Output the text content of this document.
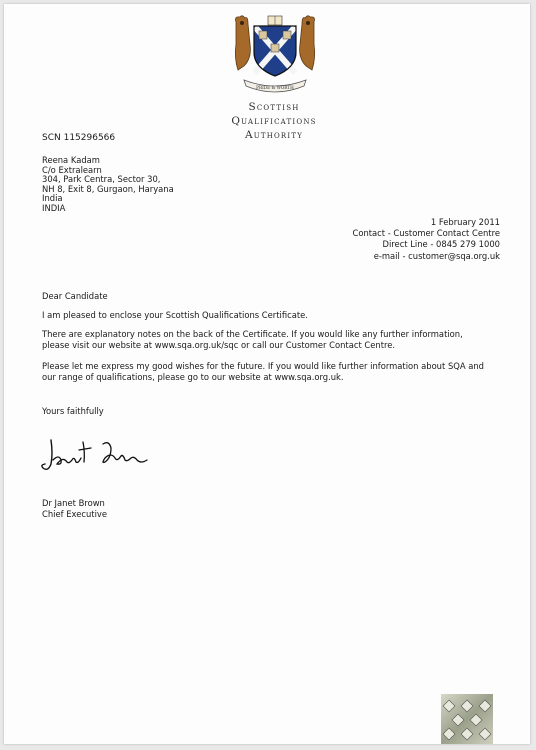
PRIDE & WORTH
Scottish
Qualifications
Authority
SCN 115296566
Reena Kadam
C/o Extralearn
304, Park Centra, Sector 30,
NH 8, Exit 8, Gurgaon, Haryana
India
INDIA
1 February 2011
Contact - Customer Contact Centre
Direct Line - 0845 279 1000
e-mail - customer@sqa.org.uk
Dear Candidate
I am pleased to enclose your Scottish Qualifications Certificate.
There are explanatory notes on the back of the Certificate. If you would like any further information,
please visit our website at www.sqa.org.uk/sqc or call our Customer Contact Centre.
Please let me express my good wishes for the future. If you would like further information about SQA and
our range of qualifications, please go to our website at www.sqa.org.uk.
Yours faithfully
Dr Janet Brown
Chief Executive
